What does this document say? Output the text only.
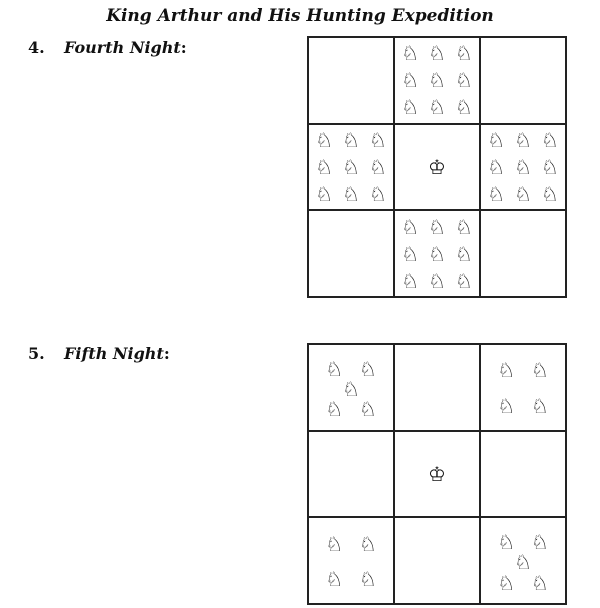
King Arthur and His Hunting Expedition
4. Fourth Night:	♘ ♘ ♘
♘ ♘ ♘
♘ ♘ ♘
♘ ♘ ♘
♘ ♘ ♘
♘ ♘ ♘
♔
♘ ♘ ♘
♘ ♘ ♘
♘ ♘ ♘
♘ ♘ ♘
♘ ♘ ♘
♘ ♘ ♘
5. Fifth Night:
♘ ♘
♘
♘ ♘
♘ ♘
♘ ♘
♔
♘ ♘
♘ ♘
♘ ♘
♘
♘ ♘
